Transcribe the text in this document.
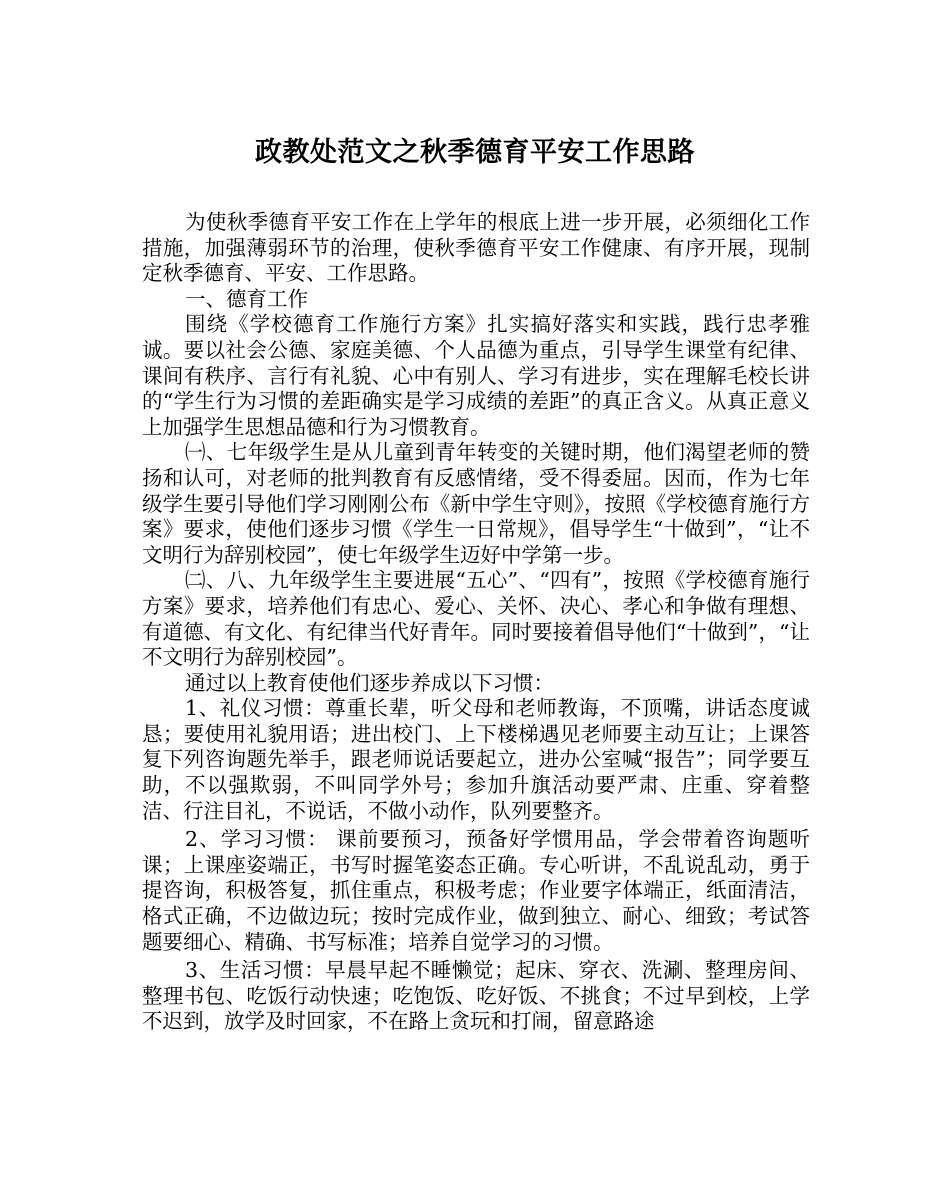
政教处范文之秋季德育平安工作思路

为使秋季德育平安工作在上学年的根底上进一步开展，必须细化工作措施，加强薄弱环节的治理，使秋季德育平安工作健康、有序开展，现制定秋季德育、平安、工作思路。

一、德育工作

围绕《学校德育工作施行方案》扎实搞好落实和实践，践行忠孝雅诚。要以社会公德、家庭美德、个人品德为重点，引导学生课堂有纪律、课间有秩序、言行有礼貌、心中有别人、学习有进步，实在理解毛校长讲的“学生行为习惯的差距确实是学习成绩的差距”的真正含义。从真正意义上加强学生思想品德和行为习惯教育。

㈠、七年级学生是从儿童到青年转变的关键时期，他们渴望老师的赞扬和认可，对老师的批判教育有反感情绪，受不得委屈。因而，作为七年级学生要引导他们学习刚刚公布《新中学生守则》，按照《学校德育施行方案》要求，使他们逐步习惯《学生一日常规》，倡导学生“十做到”，“让不文明行为辞别校园”，使七年级学生迈好中学第一步。

㈡、八、九年级学生主要进展“五心”、“四有”，按照《学校德育施行方案》要求，培养他们有忠心、爱心、关怀、决心、孝心和争做有理想、有道德、有文化、有纪律当代好青年。同时要接着倡导他们“十做到”，“让不文明行为辞别校园”。

通过以上教育使他们逐步养成以下习惯：

1、礼仪习惯：尊重长辈，听父母和老师教诲，不顶嘴，讲话态度诚恳；要使用礼貌用语；进出校门、上下楼梯遇见老师要主动互让；上课答复下列咨询题先举手，跟老师说话要起立，进办公室喊“报告”；同学要互助，不以强欺弱，不叫同学外号；参加升旗活动要严肃、庄重、穿着整洁、行注目礼，不说话，不做小动作，队列要整齐。

2、学习习惯： 课前要预习，预备好学惯用品，学会带着咨询题听课；上课座姿端正，书写时握笔姿态正确。专心听讲，不乱说乱动，勇于提咨询，积极答复，抓住重点，积极考虑；作业要字体端正，纸面清洁，格式正确，不边做边玩；按时完成作业，做到独立、耐心、细致；考试答题要细心、精确、书写标准；培养自觉学习的习惯。

3、生活习惯：早晨早起不睡懒觉；起床、穿衣、洗涮、整理房间、整理书包、吃饭行动快速；吃饱饭、吃好饭、不挑食；不过早到校，上学不迟到，放学及时回家，不在路上贪玩和打闹，留意路途
